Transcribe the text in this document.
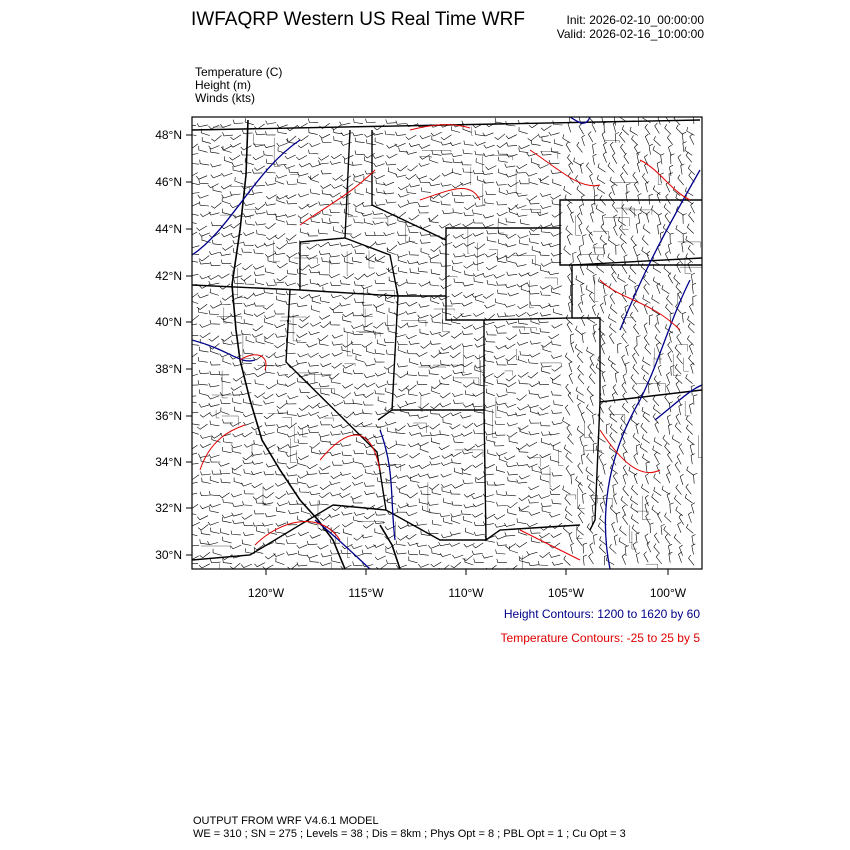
IWFAQRP Western US Real Time WRF	Init: 2026-02-10_00:00:00
Valid: 2026-02-16_10:00:00
Temperature (C)
Height (m)
Winds (kts)
48°N
46°N
44°N
42°N
40°N
38°N
36°N
34°N
32°N
30°N
120°W	115°W	110°W	105°W	100°W
Height Contours: 1200 to 1620 by 60
Temperature Contours: -25 to 25 by 5
OUTPUT FROM WRF V4.6.1 MODEL
WE = 310 ; SN = 275 ; Levels = 38 ; Dis = 8km ; Phys Opt = 8 ; PBL Opt = 1 ; Cu Opt = 3
